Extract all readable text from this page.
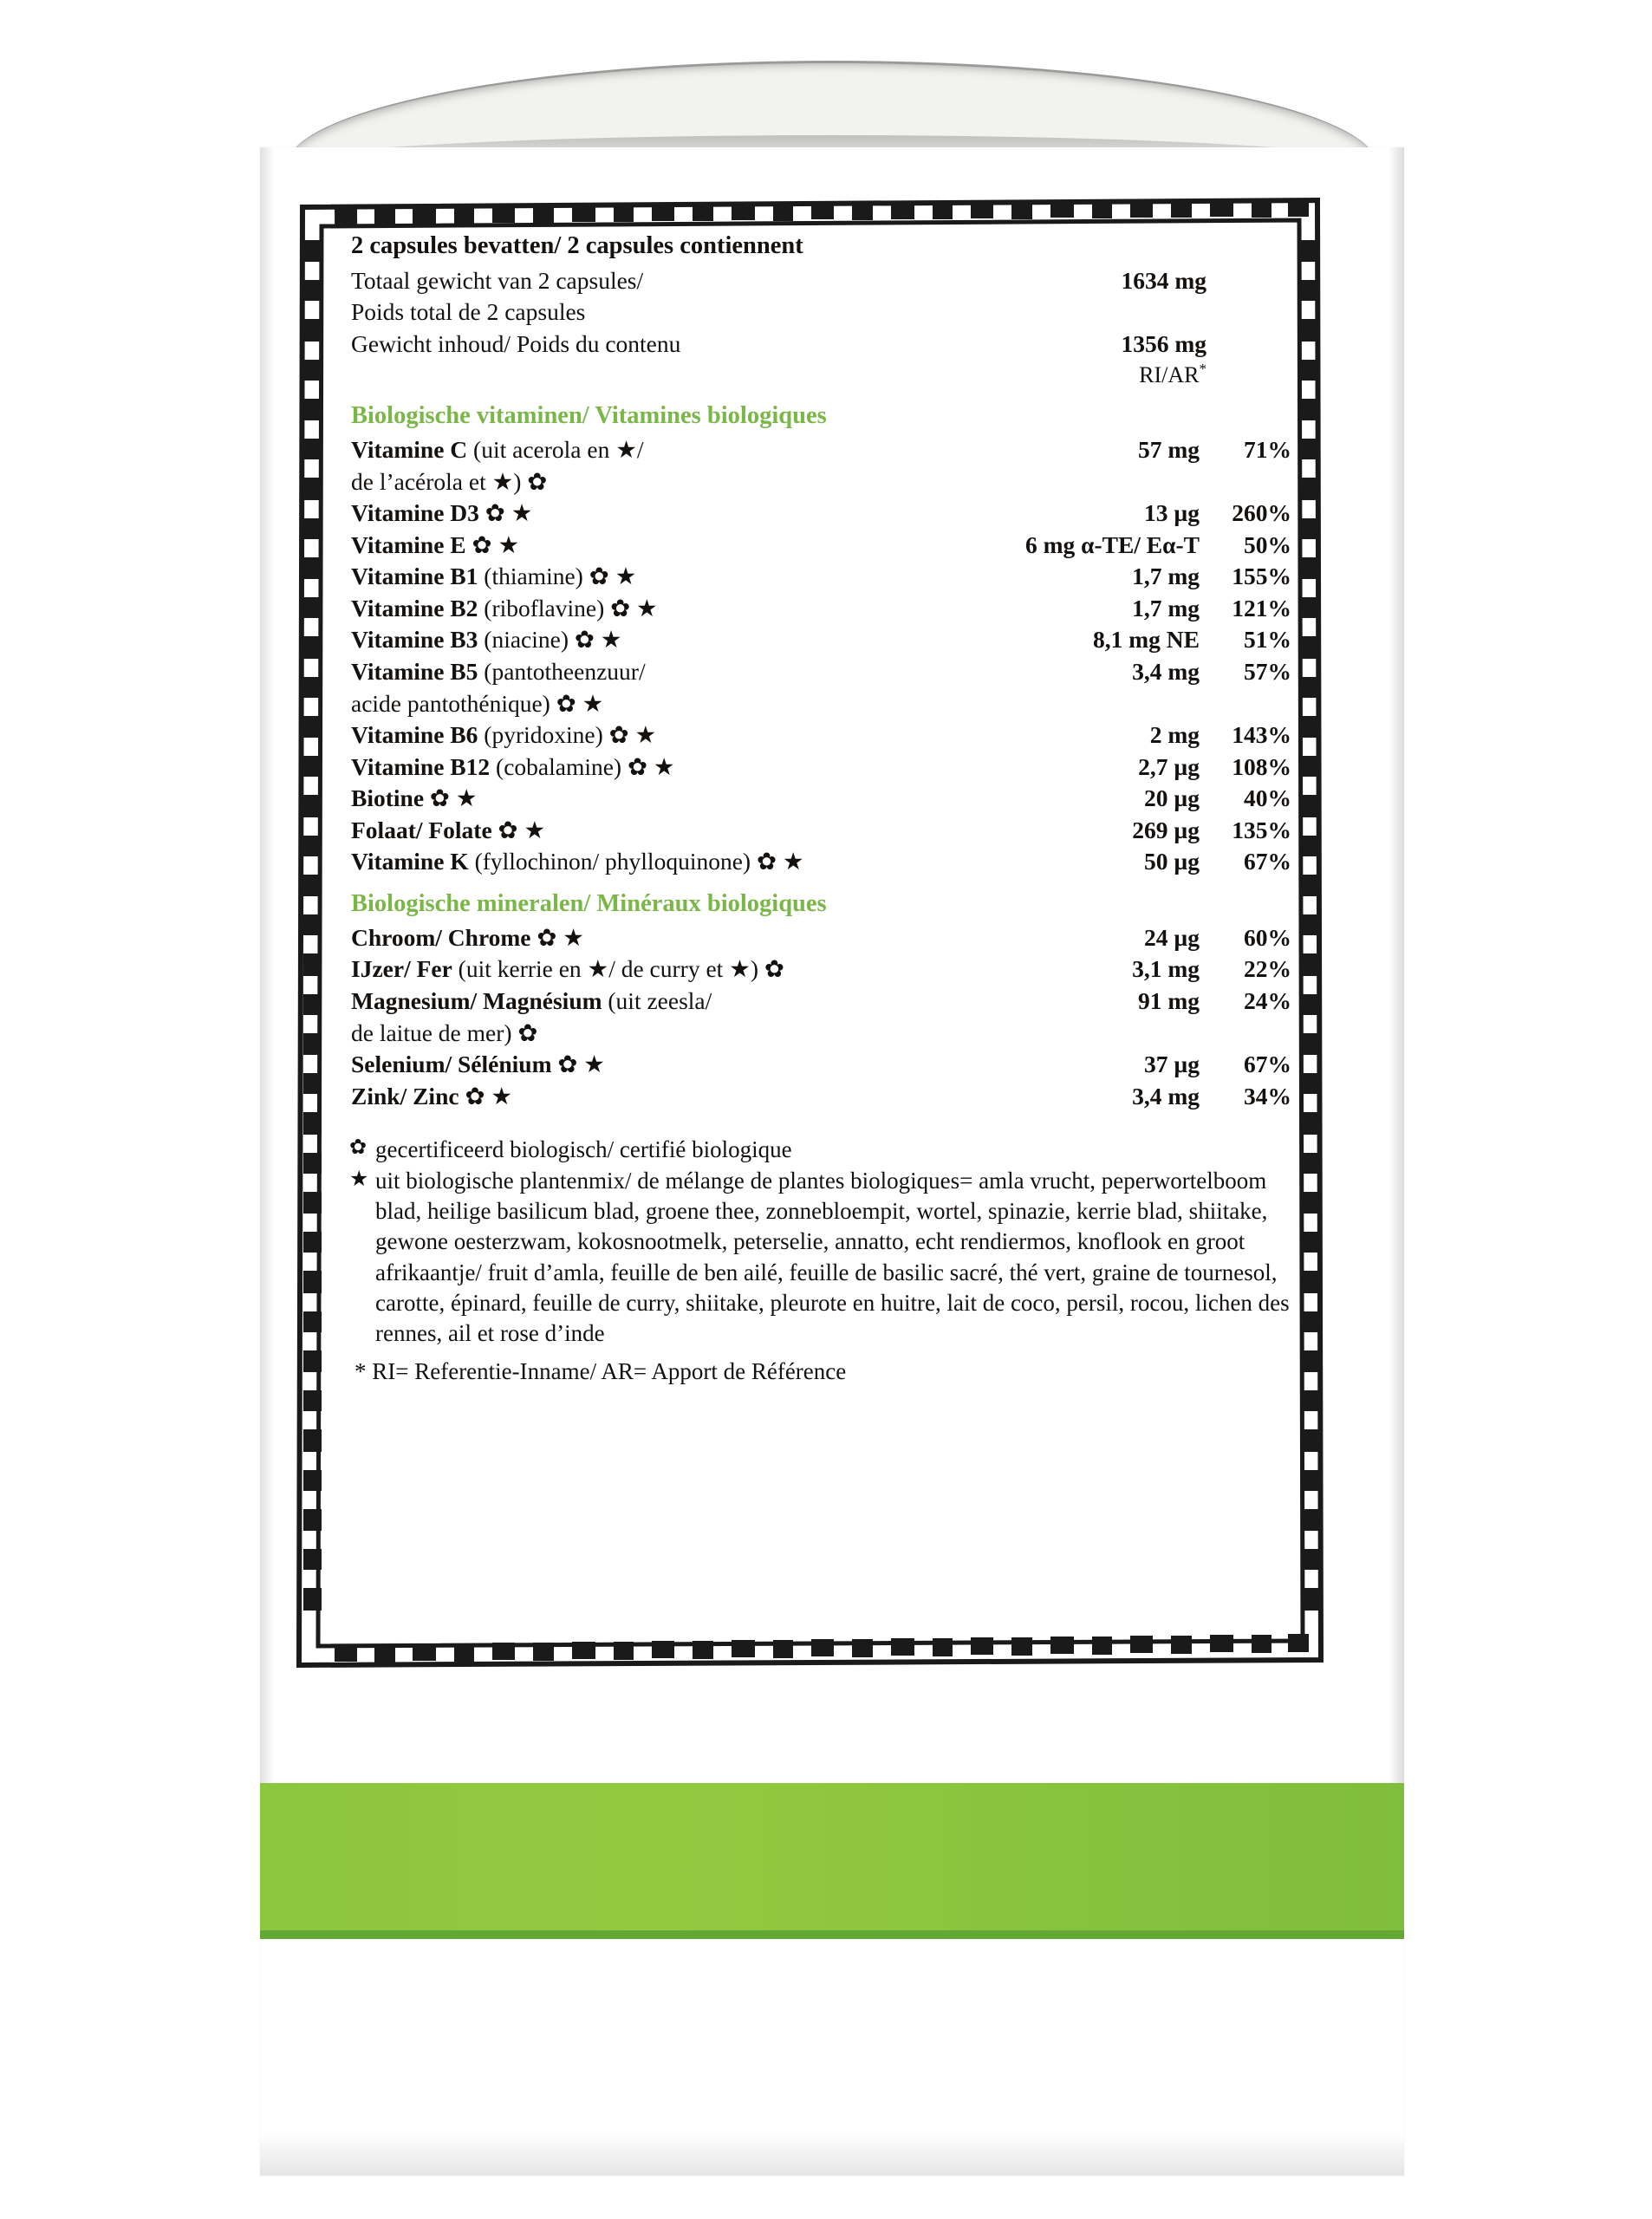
2 capsules bevatten/ 2 capsules contiennent
Totaal gewicht van 2 capsules/	1634 mg
Poids total de 2 capsules
Gewicht inhoud/ Poids du contenu	1356 mg
RI/AR*
Biologische vitaminen/ Vitamines biologiques
Vitamine C (uit acerola en ★/	57 mg	71%
de l’acérola et ★) ✿
Vitamine D3 ✿ ★	13 µg	260%
Vitamine E ✿ ★	6 mg α-TE/ Eα-T	50%
Vitamine B1 (thiamine) ✿ ★	1,7 mg	155%
Vitamine B2 (riboflavine) ✿ ★	1,7 mg	121%
Vitamine B3 (niacine) ✿ ★	8,1 mg NE	51%
Vitamine B5 (pantotheenzuur/	3,4 mg	57%
acide pantothénique) ✿ ★
Vitamine B6 (pyridoxine) ✿ ★	2 mg	143%
Vitamine B12 (cobalamine) ✿ ★	2,7 µg	108%
Biotine ✿ ★	20 µg	40%
Folaat/ Folate ✿ ★	269 µg	135%
Vitamine K (fyllochinon/ phylloquinone) ✿ ★	50 µg	67%
Biologische mineralen/ Minéraux biologiques
Chroom/ Chrome ✿ ★	24 µg	60%
IJzer/ Fer (uit kerrie en ★/ de curry et ★) ✿	3,1 mg	22%
Magnesium/ Magnésium (uit zeesla/	91 mg	24%
de laitue de mer) ✿
Selenium/ Sélénium ✿ ★	37 µg	67%
Zink/ Zinc ✿ ★	3,4 mg	34%
✿ gecertificeerd biologisch/ certifié biologique
★ uit biologische plantenmix/ de mélange de plantes biologiques= amla vrucht, peperwortelboom blad, heilige basilicum blad, groene thee, zonnebloempit, wortel, spinazie, kerrie blad, shiitake, gewone oesterzwam, kokosnootmelk, peterselie, annatto, echt rendiermos, knoflook en groot afrikaantje/ fruit d’amla, feuille de ben ailé, feuille de basilic sacré, thé vert, graine de tournesol, carotte, épinard, feuille de curry, shiitake, pleurote en huitre, lait de coco, persil, rocou, lichen des rennes, ail et rose d’inde
* RI= Referentie-Inname/ AR= Apport de Référence
